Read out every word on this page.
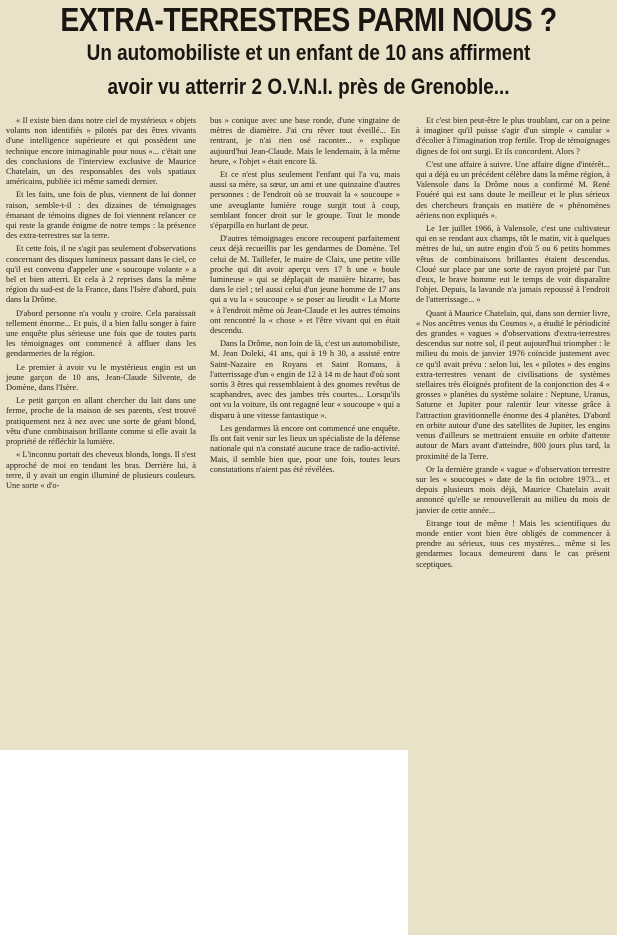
EXTRA-TERRESTRES PARMI NOUS ?
Un automobiliste et un enfant de 10 ans affirment
avoir vu atterrir 2 O.V.N.I. près de Grenoble...

« Il existe bien dans notre ciel de mystérieux « objets volants non identifiés » pilotés par des êtres vivants d'une intelligence supérieure et qui possèdent une technique encore inimaginable pour nous »... c'était une des conclusions de l'interview exclusive de Maurice Chatelain, un des responsables des vols spatiaux américains, publiée ici même samedi dernier.

Et les faits, une fois de plus, viennent de lui donner raison, semble-t-il : des dizaines de témoignages émanant de témoins dignes de foi viennent relancer ce qui reste la grande énigme de notre temps : la présence des extra-terrestres sur la terre.

Et cette fois, il ne s'agit pas seulement d'observations concernant des disques lumineux passant dans le ciel, ce qu'il est convenu d'appeler une « soucoupe volante » a bel et bien atterri. Et cela à 2 reprises dans la même région du sud-est de la France, dans l'Isère d'abord, puis dans la Drôme.

D'abord personne n'a voulu y croire. Cela paraissait tellement énorme... Et puis, il a bien fallu songer à faire une enquête plus sérieuse une fois que de toutes parts les témoignages ont commencé à affluer dans les gendarmeries de la région.

Le premier à avoir vu le mystérieux engin est un jeune garçon de 10 ans, Jean-Claude Silvente, de Domène, dans l'Isère.

Le petit garçon en allant chercher du lait dans une ferme, proche de la maison de ses parents, s'est trouvé pratiquement nez à nez avec une sorte de géant blond, vêtu d'une combinaison brillante comme si elle avait la propriété de réfléchir la lumière.

« L'inconnu portait des cheveux blonds, longs. Il s'est approché de moi en tendant les bras. Derrière lui, à terre, il y avait un engin illuminé de plusieurs couleurs. Une sorte « d'o-

bus » conique avec une base ronde, d'une vingtaine de mètres de diamètre. J'ai cru rêver tout éveillé... En rentrant, je n'ai rien osé raconter... » explique aujourd'hui Jean-Claude. Mais le lendemain, à la même heure, « l'objet » était encore là.

Et ce n'est plus seulement l'enfant qui l'a vu, mais aussi sa mère, sa sœur, un ami et une quinzaine d'autres personnes : de l'endroit où se trouvait la « soucoupe » une aveuglante lumière rouge surgit tout à coup, semblant foncer droit sur le groupe. Tout le monde s'éparpilla en hurlant de peur.

D'autres témoignages encore recoupent parfaitement ceux déjà recueillis par les gendarmes de Domène. Tel celui de M. Taillefer, le maire de Claix, une petite ville proche qui dit avoir aperçu vers 17 h une « boule lumineuse » qui se déplaçait de manière bizarre, bas dans le ciel ; tel aussi celui d'un jeune homme de 17 ans qui a vu la « soucoupe » se poser au lieudit « La Morte » à l'endroit même où Jean-Claude et les autres témoins ont rencontré la « chose » et l'être vivant qui en était descendu.

Dans la Drôme, non loin de là, c'est un automobiliste, M. Jean Doleki, 41 ans, qui à 19 h 30, a assisté entre Saint-Nazaire en Royans et Saint Romans, à l'atterrissage d'un « engin de 12 à 14 m de haut d'où sont sortis 3 êtres qui ressemblaient à des gnomes revêtus de scaphandres, avec des jambes très courtes... Lorsqu'ils ont vu la voiture, ils ont regagné leur « soucoupe » qui a disparu à une vitesse fantastique ».

Les gendarmes là encore ont commencé une enquête. Ils ont fait venir sur les lieux un spécialiste de la défense nationale qui n'a constaté aucune trace de radio-activité. Mais, il semble bien que, pour une fois, toutes leurs constatations n'aient pas été révélées.

Et c'est bien peut-être le plus troublant, car on a peine à imaginer qu'il puisse s'agir d'un simple « canular » d'écolier à l'imagination trop fertile. Trop de témoignages dignes de foi ont surgi. Et ils concordent. Alors ?

C'est une affaire à suivre. Une affaire digne d'intérêt... qui a déjà eu un précédent célèbre dans la même région, à Valensole dans la Drôme nous a confirmé M. René Fouéré qui est sans doute le meilleur et le plus sérieux des chercheurs français en matière de « phénomènes aériens non expliqués ».

Le 1er juillet 1966, à Valensole, c'est une cultivateur qui en se rendant aux champs, tôt le matin, vit à quelques mètres de lui, un autre engin d'où 5 ou 6 petits hommes vêtus de combinaisons brillantes étaient descendus. Cloué sur place par une sorte de rayon projeté par l'un d'eux, le brave homme eut le temps de voir disparaître l'objet. Depuis, la lavande n'a jamais repoussé à l'endroit de l'atterrissage... »

Quant à Maurice Chatelain, qui, dans son dernier livre, « Nos ancêtres venus du Cosmos », a étudié le périodicité des grandes « vagues » d'observations d'extra-terrestres descendus sur notre sol, il peut aujourd'hui triompher : le milieu du mois de janvier 1976 coïncide justement avec ce qu'il avait prévu : selon lui, les « pilotes » des engins extra-terrestres venant de civilisations de systèmes stellaires très éloignés profitent de la conjonction des 4 « grosses » planètes du système solaire : Neptune, Uranus, Saturne et Jupiter pour ralentir leur vitesse grâce à l'attraction gravitionnelle énorme des 4 planètes. D'abord en orbite autour d'une des satellites de Jupiter, les engins venus d'ailleurs se mettraient ensuite en orbite d'attente autour de Mars avant d'atteindre, 800 jours plus tard, la proximité de la Terre.

Or la dernière grande « vague » d'observation terrestre sur les « soucoupes » date de la fin octobre 1973... et depuis plusieurs mois déjà, Maurice Chatelain avait annoncé qu'elle se renouvellerait au milieu du mois de janvier de cette année...

Etrange tout de même ! Mais les scientifiques du monde entier vont bien être obligés de commencer à prendre au sérieux, tous ces mystères... même si les gendarmes locaux demeurent dans le cas présent sceptiques.
